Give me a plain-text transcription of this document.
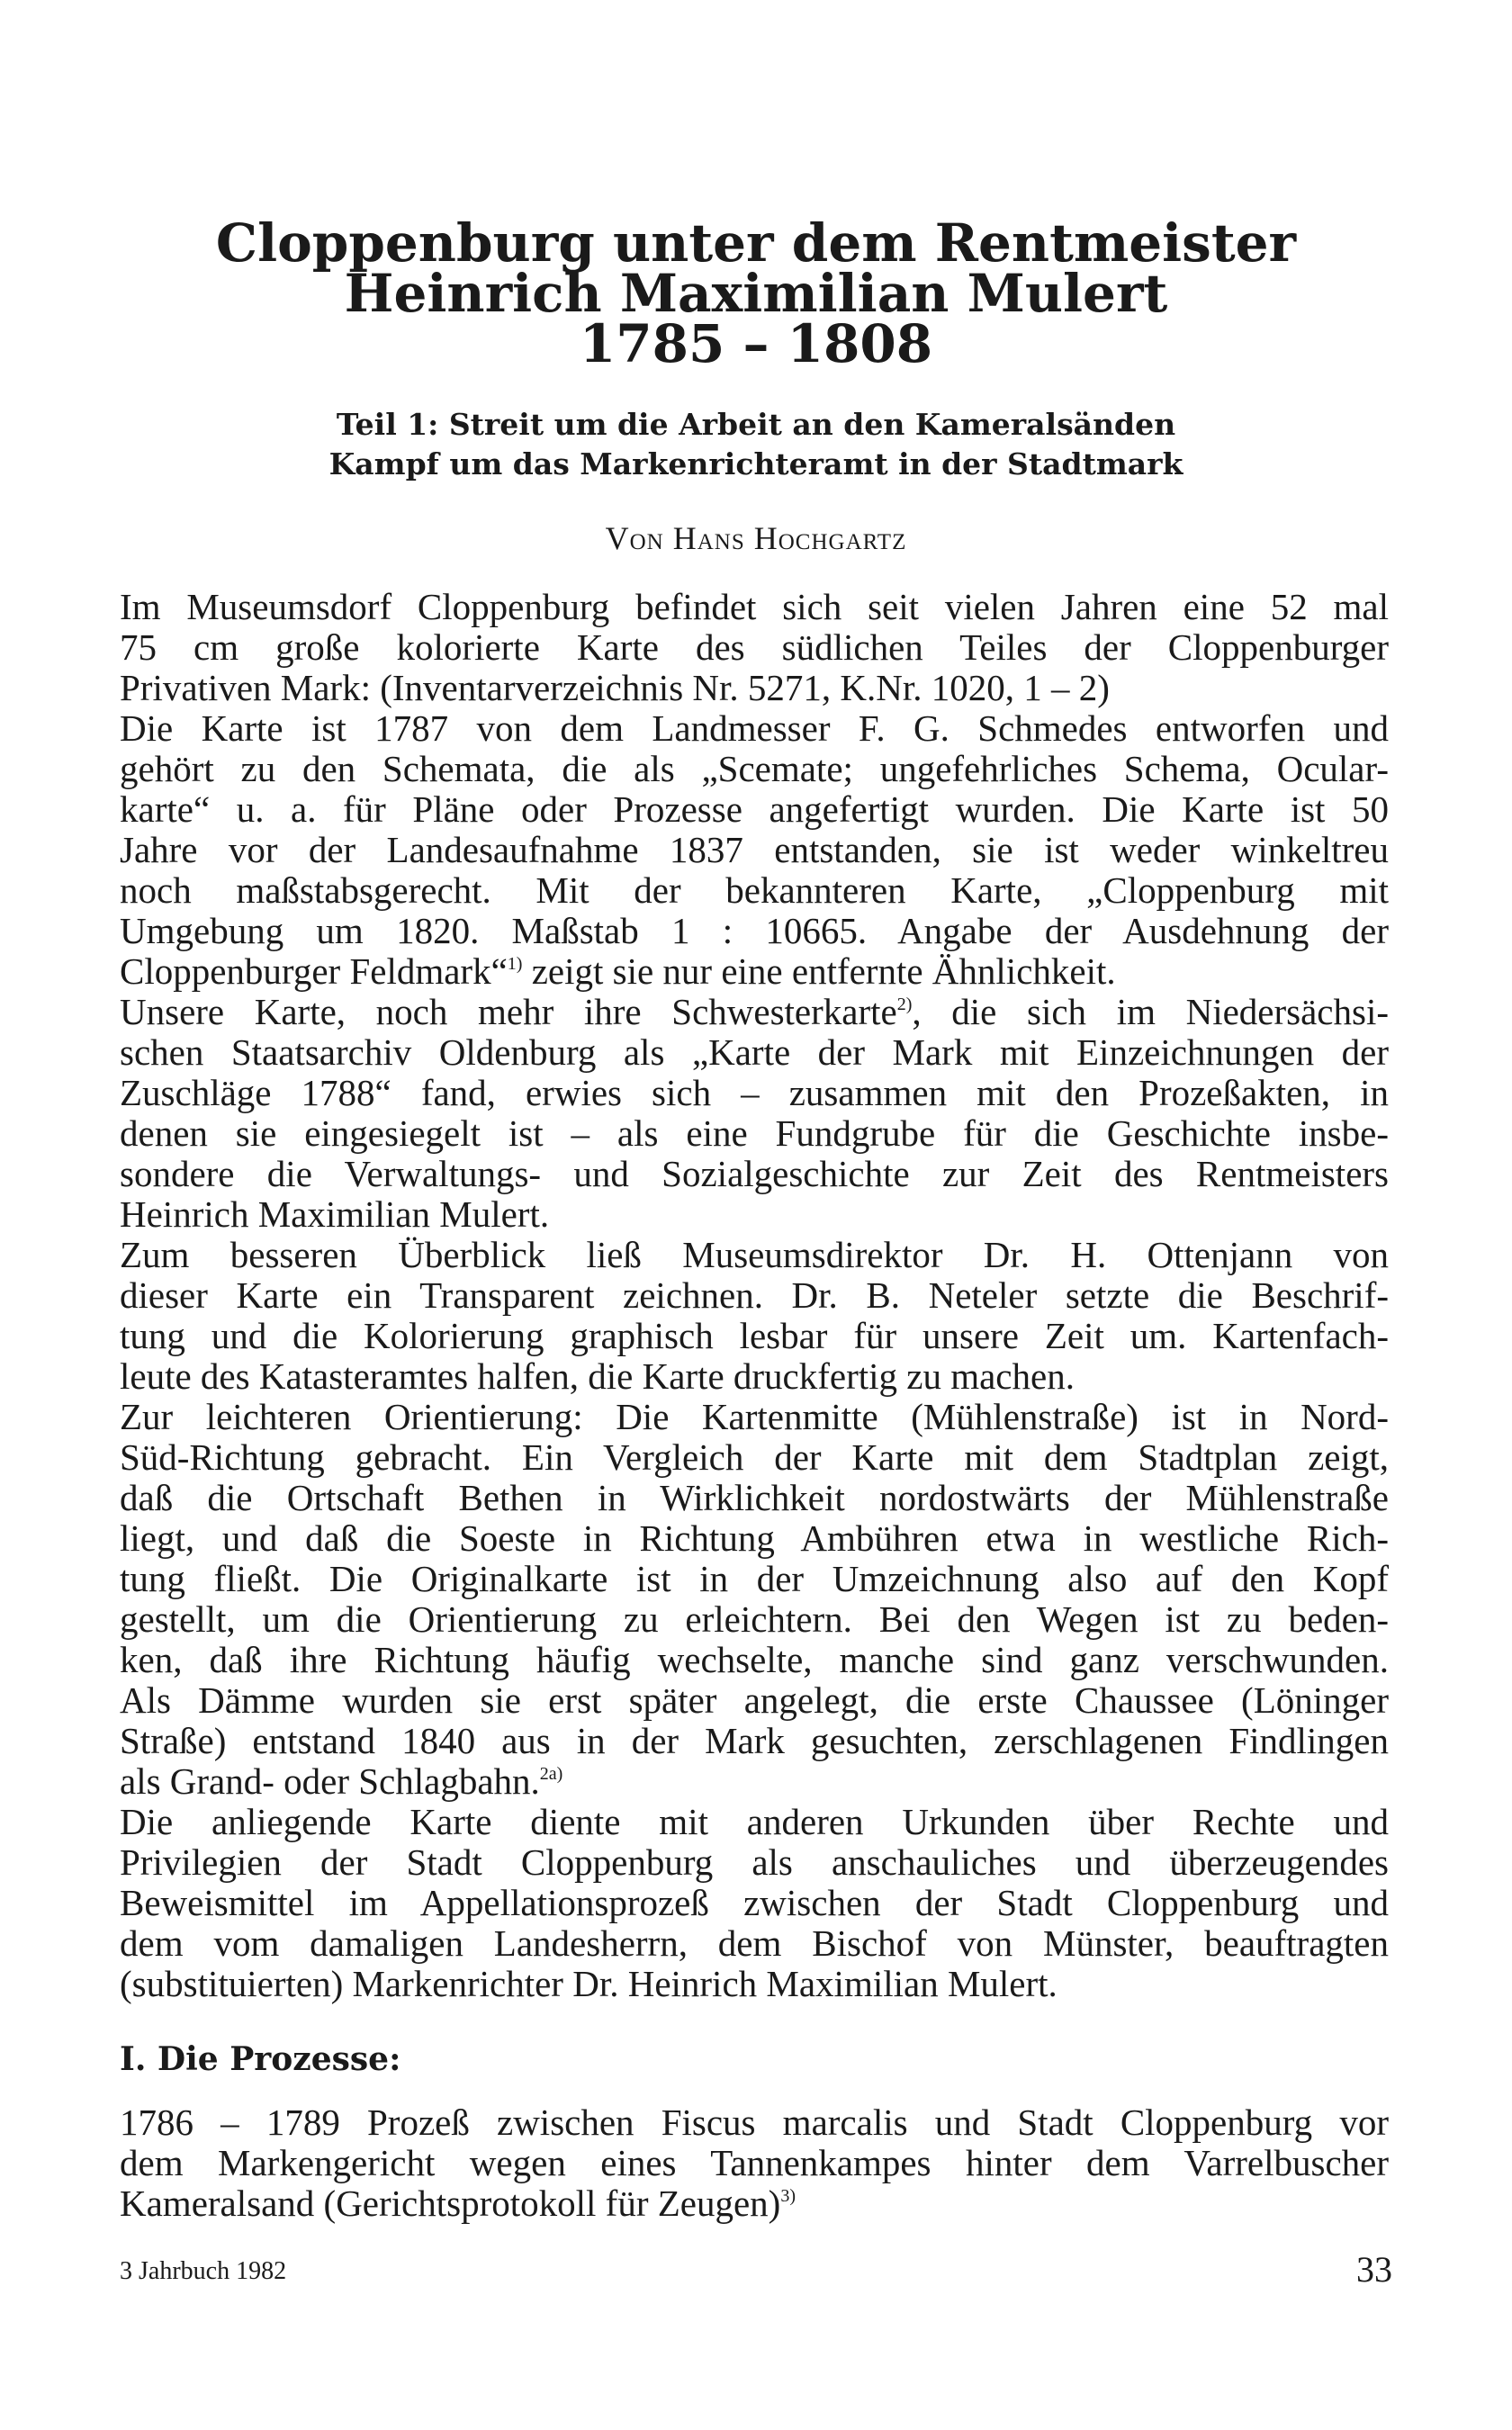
Cloppenburg unter dem Rentmeister
Heinrich Maximilian Mulert
1785 – 1808
Teil 1: Streit um die Arbeit an den Kameralsänden
Kampf um das Markenrichteramt in der Stadtmark
Von Hans Hochgartz
Im Museumsdorf Cloppenburg befindet sich seit vielen Jahren eine 52 mal
75 cm große kolorierte Karte des südlichen Teiles der Cloppenburger
Privativen Mark: (Inventarverzeichnis Nr. 5271, K.Nr. 1020, 1 – 2)
Die Karte ist 1787 von dem Landmesser F. G. Schmedes entworfen und
gehört zu den Schemata, die als „Scemate; ungefehrliches Schema, Ocular-
karte“ u. a. für Pläne oder Prozesse angefertigt wurden. Die Karte ist 50
Jahre vor der Landesaufnahme 1837 entstanden, sie ist weder winkeltreu
noch maßstabsgerecht. Mit der bekannteren Karte, „Cloppenburg mit
Umgebung um 1820. Maßstab 1 : 10665. Angabe der Ausdehnung der
Cloppenburger Feldmark“$^{1)}$ zeigt sie nur eine entfernte Ähnlichkeit.
Unsere Karte, noch mehr ihre Schwesterkarte$^{2)}$, die sich im Niedersächsi-
schen Staatsarchiv Oldenburg als „Karte der Mark mit Einzeichnungen der
Zuschläge 1788“ fand, erwies sich – zusammen mit den Prozeßakten, in
denen sie eingesiegelt ist – als eine Fundgrube für die Geschichte insbe-
sondere die Verwaltungs- und Sozialgeschichte zur Zeit des Rentmeisters
Heinrich Maximilian Mulert.
Zum besseren Überblick ließ Museumsdirektor Dr. H. Ottenjann von
dieser Karte ein Transparent zeichnen. Dr. B. Neteler setzte die Beschrif-
tung und die Kolorierung graphisch lesbar für unsere Zeit um. Kartenfach-
leute des Katasteramtes halfen, die Karte druckfertig zu machen.
Zur leichteren Orientierung: Die Kartenmitte (Mühlenstraße) ist in Nord-
Süd-Richtung gebracht. Ein Vergleich der Karte mit dem Stadtplan zeigt,
daß die Ortschaft Bethen in Wirklichkeit nordostwärts der Mühlenstraße
liegt, und daß die Soeste in Richtung Ambühren etwa in westliche Rich-
tung fließt. Die Originalkarte ist in der Umzeichnung also auf den Kopf
gestellt, um die Orientierung zu erleichtern. Bei den Wegen ist zu beden-
ken, daß ihre Richtung häufig wechselte, manche sind ganz verschwunden.
Als Dämme wurden sie erst später angelegt, die erste Chaussee (Löninger
Straße) entstand 1840 aus in der Mark gesuchten, zerschlagenen Findlingen
als Grand- oder Schlagbahn.$^{2a)}$
Die anliegende Karte diente mit anderen Urkunden über Rechte und
Privilegien der Stadt Cloppenburg als anschauliches und überzeugendes
Beweismittel im Appellationsprozeß zwischen der Stadt Cloppenburg und
dem vom damaligen Landesherrn, dem Bischof von Münster, beauftragten
(substituierten) Markenrichter Dr. Heinrich Maximilian Mulert.
I. Die Prozesse:
1786 – 1789 Prozeß zwischen Fiscus marcalis und Stadt Cloppenburg vor
dem Markengericht wegen eines Tannenkampes hinter dem Varrelbuscher
Kameralsand (Gerichtsprotokoll für Zeugen)$^{3)}$
3 Jahrbuch 1982	33
